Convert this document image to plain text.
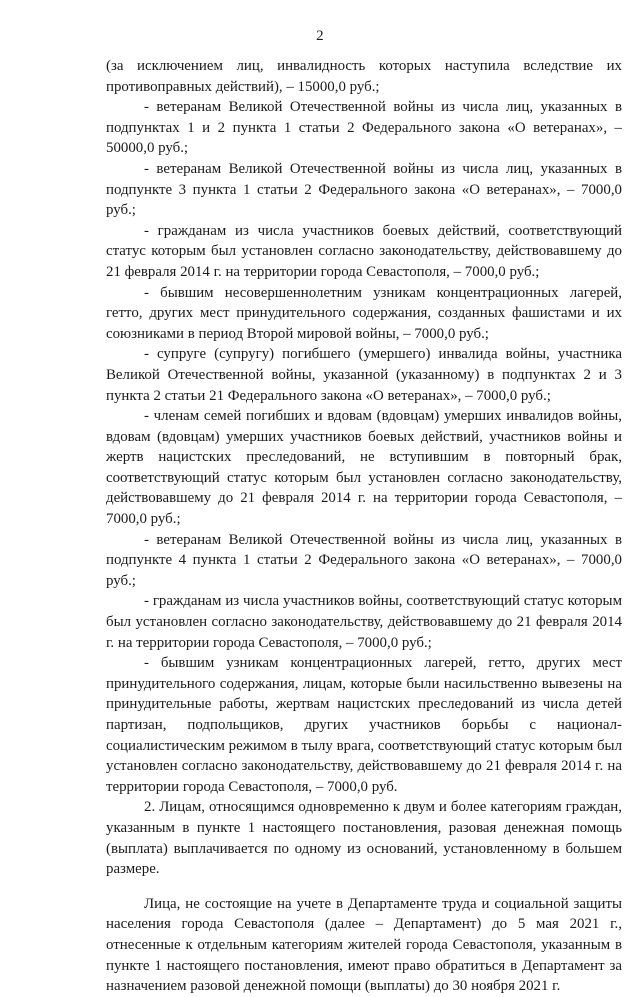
2

(за исключением лиц, инвалидность которых наступила вследствие их противоправных действий), – 15000,0 руб.;

- ветеранам Великой Отечественной войны из числа лиц, указанных в подпунктах 1 и 2 пункта 1 статьи 2 Федерального закона «О ветеранах», – 50000,0 руб.;

- ветеранам Великой Отечественной войны из числа лиц, указанных в подпункте 3 пункта 1 статьи 2 Федерального закона «О ветеранах», – 7000,0 руб.;

- гражданам из числа участников боевых действий, соответствующий статус которым был установлен согласно законодательству, действовавшему до 21 февраля 2014 г. на территории города Севастополя, – 7000,0 руб.;

- бывшим несовершеннолетним узникам концентрационных лагерей, гетто, других мест принудительного содержания, созданных фашистами и их союзниками в период Второй мировой войны, – 7000,0 руб.;

- супруге (супругу) погибшего (умершего) инвалида войны, участника Великой Отечественной войны, указанной (указанному) в подпунктах 2 и 3 пункта 2 статьи 21 Федерального закона «О ветеранах», – 7000,0 руб.;

- членам семей погибших и вдовам (вдовцам) умерших инвалидов войны, вдовам (вдовцам) умерших участников боевых действий, участников войны и жертв нацистских преследований, не вступившим в повторный брак, соответствующий статус которым был установлен согласно законодательству, действовавшему до 21 февраля 2014 г. на территории города Севастополя, – 7000,0 руб.;

- ветеранам Великой Отечественной войны из числа лиц, указанных в подпункте 4 пункта 1 статьи 2 Федерального закона «О ветеранах», – 7000,0 руб.;

- гражданам из числа участников войны, соответствующий статус которым был установлен согласно законодательству, действовавшему до 21 февраля 2014 г. на территории города Севастополя, – 7000,0 руб.;

- бывшим узникам концентрационных лагерей, гетто, других мест принудительного содержания, лицам, которые были насильственно вывезены на принудительные работы, жертвам нацистских преследований из числа детей партизан, подпольщиков, других участников борьбы с национал-социалистическим режимом в тылу врага, соответствующий статус которым был установлен согласно законодательству, действовавшему до 21 февраля 2014 г. на территории города Севастополя, – 7000,0 руб.

2. Лицам, относящимся одновременно к двум и более категориям граждан, указанным в пункте 1 настоящего постановления, разовая денежная помощь (выплата) выплачивается по одному из оснований, установленному в большем размере.

Лица, не состоящие на учете в Департаменте труда и социальной защиты населения города Севастополя (далее – Департамент) до 5 мая 2021 г., отнесенные к отдельным категориям жителей города Севастополя, указанным в пункте 1 настоящего постановления, имеют право обратиться в Департамент за назначением разовой денежной помощи (выплаты) до 30 ноября 2021 г.
